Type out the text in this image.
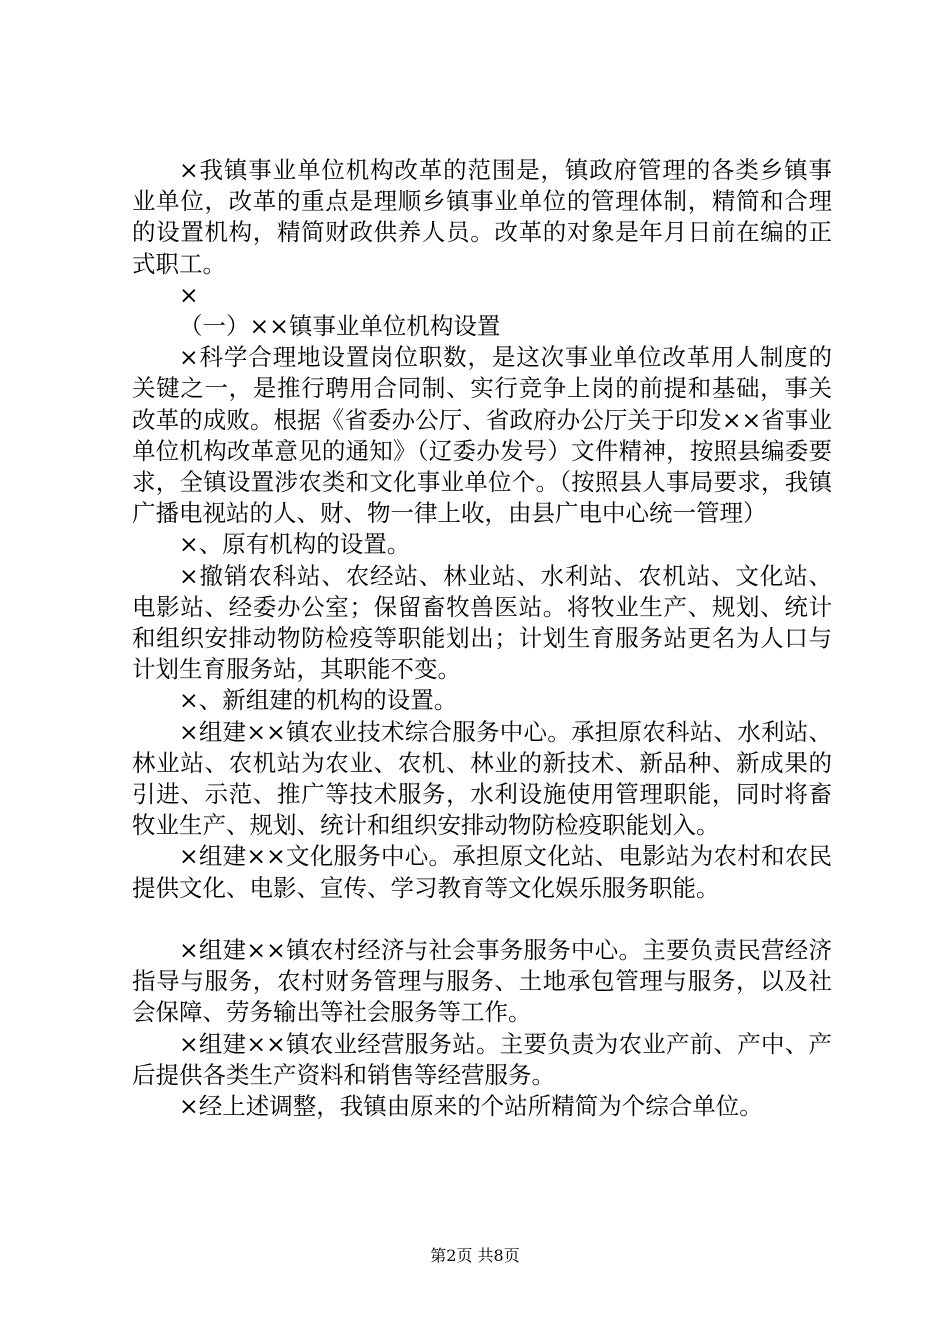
×我镇事业单位机构改革的范围是，镇政府管理的各类乡镇事业单位，改革的重点是理顺乡镇事业单位的管理体制，精简和合理的设置机构，精简财政供养人员。改革的对象是年月日前在编的正式职工。

×

（一）××镇事业单位机构设置

×科学合理地设置岗位职数，是这次事业单位改革用人制度的关键之一，是推行聘用合同制、实行竞争上岗的前提和基础，事关改革的成败。根据《省委办公厅、省政府办公厅关于印发××省事业单位机构改革意见的通知》（辽委办发号）文件精神，按照县编委要求，全镇设置涉农类和文化事业单位个。（按照县人事局要求，我镇广播电视站的人、财、物一律上收，由县广电中心统一管理）

×、原有机构的设置。

×撤销农科站、农经站、林业站、水利站、农机站、文化站、电影站、经委办公室；保留畜牧兽医站。将牧业生产、规划、统计和组织安排动物防检疫等职能划出；计划生育服务站更名为人口与计划生育服务站，其职能不变。

×、新组建的机构的设置。

×组建××镇农业技术综合服务中心。承担原农科站、水利站、林业站、农机站为农业、农机、林业的新技术、新品种、新成果的引进、示范、推广等技术服务，水利设施使用管理职能，同时将畜牧业生产、规划、统计和组织安排动物防检疫职能划入。

×组建××文化服务中心。承担原文化站、电影站为农村和农民提供文化、电影、宣传、学习教育等文化娱乐服务职能。

×组建××镇农村经济与社会事务服务中心。主要负责民营经济指导与服务，农村财务管理与服务、土地承包管理与服务，以及社会保障、劳务输出等社会服务等工作。

×组建××镇农业经营服务站。主要负责为农业产前、产中、产后提供各类生产资料和销售等经营服务。

×经上述调整，我镇由原来的个站所精简为个综合单位。

第2页 共8页
